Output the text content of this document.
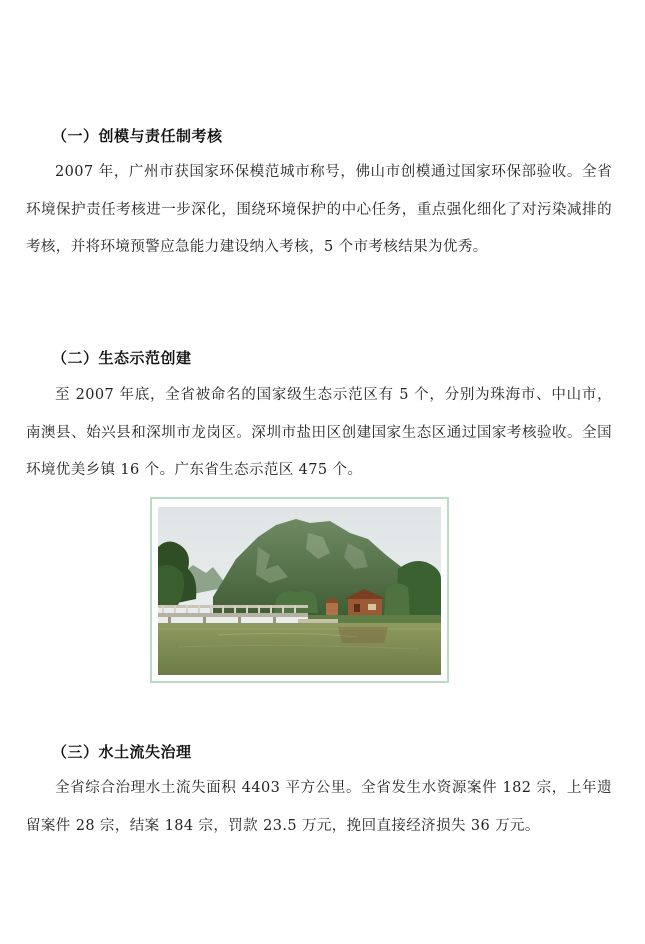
（一）创模与责任制考核
2007 年，广州市获国家环保模范城市称号，佛山市创模通过国家环保部验收。全省环境保护责任考核进一步深化，围绕环境保护的中心任务，重点强化细化了对污染减排的考核，并将环境预警应急能力建设纳入考核，5 个市考核结果为优秀。
（二）生态示范创建
至 2007 年底，全省被命名的国家级生态示范区有 5 个，分别为珠海市、中山市，南澳县、始兴县和深圳市龙岗区。深圳市盐田区创建国家生态区通过国家考核验收。全国环境优美乡镇 16 个。广东省生态示范区 475 个。
（三）水土流失治理
全省综合治理水土流失面积 4403 平方公里。全省发生水资源案件 182 宗，上年遗留案件 28 宗，结案 184 宗，罚款 23.5 万元，挽回直接经济损失 36 万元。
